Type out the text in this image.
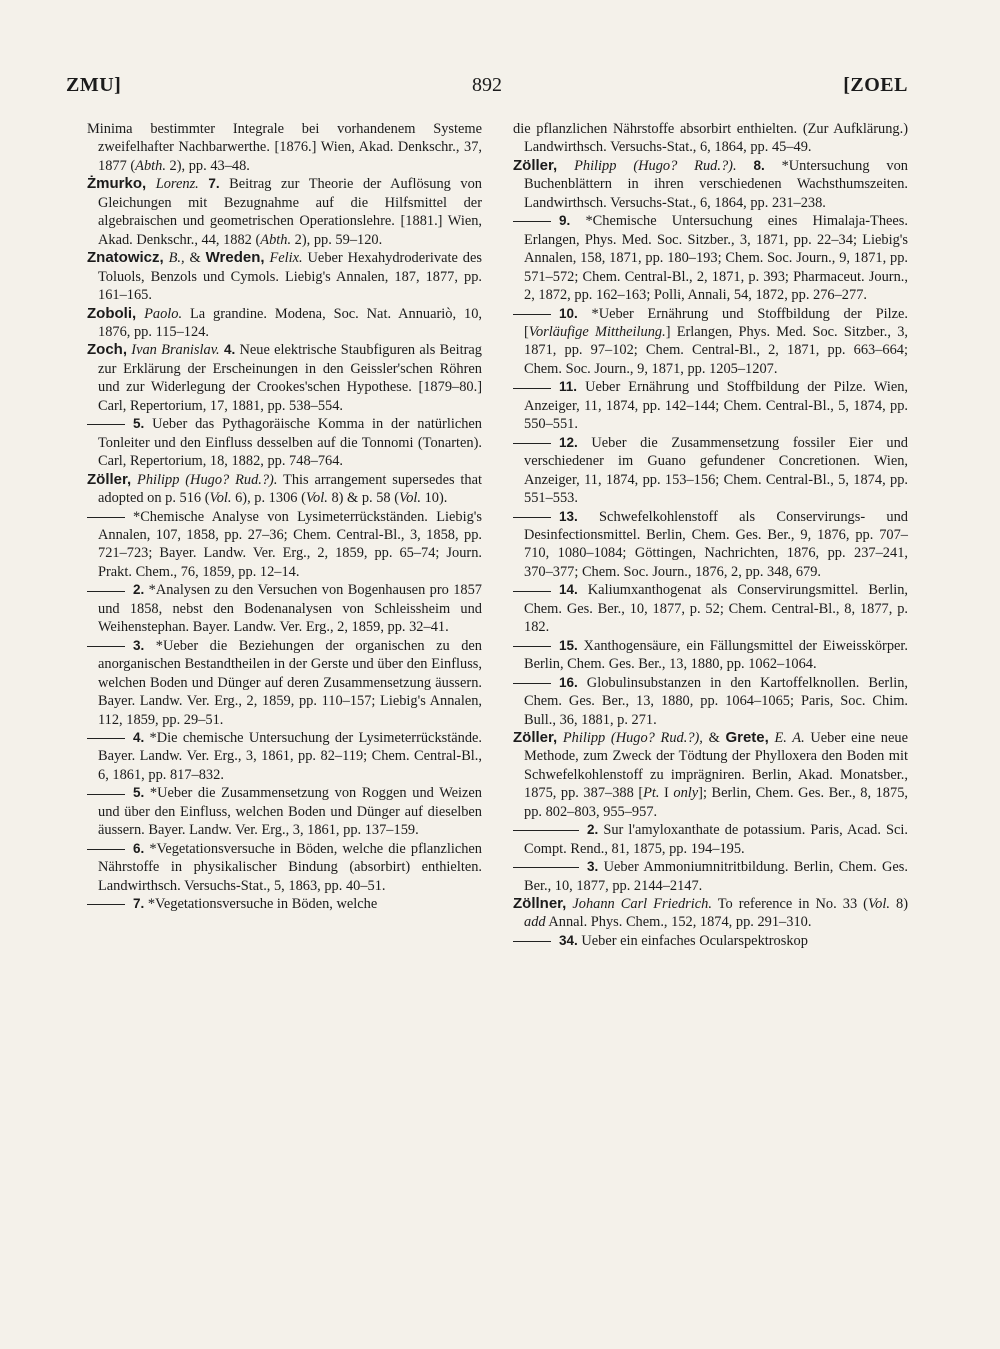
ZMU]	892	[ZOEL

Minima bestimmter Integrale bei vorhandenem Systeme zweifelhafter Nachbarwerthe. [1876.] Wien, Akad. Denkschr., 37, 1877 (Abth. 2), pp. 43–48.

Żmurko, Lorenz. 7. Beitrag zur Theorie der Auflösung von Gleichungen mit Bezugnahme auf die Hilfsmittel der algebraischen und geometrischen Operationslehre. [1881.] Wien, Akad. Denkschr., 44, 1882 (Abth. 2), pp. 59–120.

Znatowicz, B., & Wreden, Felix. Ueber Hexahydroderivate des Toluols, Benzols und Cymols. Liebig's Annalen, 187, 1877, pp. 161–165.

Zoboli, Paolo. La grandine. Modena, Soc. Nat. Annuariò, 10, 1876, pp. 115–124.

Zoch, Ivan Branislav. 4. Neue elektrische Staubfiguren als Beitrag zur Erklärung der Erscheinungen in den Geissler'schen Röhren und zur Widerlegung der Crookes'schen Hypothese. [1879–80.] Carl, Repertorium, 17, 1881, pp. 538–554.

5. Ueber das Pythagoräische Komma in der natürlichen Tonleiter und den Einfluss desselben auf die Tonnomi (Tonarten). Carl, Repertorium, 18, 1882, pp. 748–764.

Zöller, Philipp (Hugo? Rud.?). This arrangement supersedes that adopted on p. 516 (Vol. 6), p. 1306 (Vol. 8) & p. 58 (Vol. 10).

*Chemische Analyse von Lysimeterrückständen. Liebig's Annalen, 107, 1858, pp. 27–36; Chem. Central-Bl., 3, 1858, pp. 721–723; Bayer. Landw. Ver. Erg., 2, 1859, pp. 65–74; Journ. Prakt. Chem., 76, 1859, pp. 12–14.

2. *Analysen zu den Versuchen von Bogenhausen pro 1857 und 1858, nebst den Bodenanalysen von Schleissheim und Weihenstephan. Bayer. Landw. Ver. Erg., 2, 1859, pp. 32–41.

3. *Ueber die Beziehungen der organischen zu den anorganischen Bestandtheilen in der Gerste und über den Einfluss, welchen Boden und Dünger auf deren Zusammensetzung äussern. Bayer. Landw. Ver. Erg., 2, 1859, pp. 110–157; Liebig's Annalen, 112, 1859, pp. 29–51.

4. *Die chemische Untersuchung der Lysimeterrückstände. Bayer. Landw. Ver. Erg., 3, 1861, pp. 82–119; Chem. Central-Bl., 6, 1861, pp. 817–832.

5. *Ueber die Zusammensetzung von Roggen und Weizen und über den Einfluss, welchen Boden und Dünger auf dieselben äussern. Bayer. Landw. Ver. Erg., 3, 1861, pp. 137–159.

6. *Vegetationsversuche in Böden, welche die pflanzlichen Nährstoffe in physikalischer Bindung (absorbirt) enthielten. Landwirthsch. Versuchs-Stat., 5, 1863, pp. 40–51.

7. *Vegetationsversuche in Böden, welche

die pflanzlichen Nährstoffe absorbirt enthielten. (Zur Aufklärung.) Landwirthsch. Versuchs-Stat., 6, 1864, pp. 45–49.

Zöller, Philipp (Hugo? Rud.?). 8. *Untersuchung von Buchenblättern in ihren verschiedenen Wachsthumszeiten. Landwirthsch. Versuchs-Stat., 6, 1864, pp. 231–238.

9. *Chemische Untersuchung eines Himalaja-Thees. Erlangen, Phys. Med. Soc. Sitzber., 3, 1871, pp. 22–34; Liebig's Annalen, 158, 1871, pp. 180–193; Chem. Soc. Journ., 9, 1871, pp. 571–572; Chem. Central-Bl., 2, 1871, p. 393; Pharmaceut. Journ., 2, 1872, pp. 162–163; Polli, Annali, 54, 1872, pp. 276–277.

10. *Ueber Ernährung und Stoffbildung der Pilze. [Vorläufige Mittheilung.] Erlangen, Phys. Med. Soc. Sitzber., 3, 1871, pp. 97–102; Chem. Central-Bl., 2, 1871, pp. 663–664; Chem. Soc. Journ., 9, 1871, pp. 1205–1207.

11. Ueber Ernährung und Stoffbildung der Pilze. Wien, Anzeiger, 11, 1874, pp. 142–144; Chem. Central-Bl., 5, 1874, pp. 550–551.

12. Ueber die Zusammensetzung fossiler Eier und verschiedener im Guano gefundener Concretionen. Wien, Anzeiger, 11, 1874, pp. 153–156; Chem. Central-Bl., 5, 1874, pp. 551–553.

13. Schwefelkohlenstoff als Conservirungs- und Desinfectionsmittel. Berlin, Chem. Ges. Ber., 9, 1876, pp. 707–710, 1080–1084; Göttingen, Nachrichten, 1876, pp. 237–241, 370–377; Chem. Soc. Journ., 1876, 2, pp. 348, 679.

14. Kaliumxanthogenat als Conservirungsmittel. Berlin, Chem. Ges. Ber., 10, 1877, p. 52; Chem. Central-Bl., 8, 1877, p. 182.

15. Xanthogensäure, ein Fällungsmittel der Eiweisskörper. Berlin, Chem. Ges. Ber., 13, 1880, pp. 1062–1064.

16. Globulinsubstanzen in den Kartoffelknollen. Berlin, Chem. Ges. Ber., 13, 1880, pp. 1064–1065; Paris, Soc. Chim. Bull., 36, 1881, p. 271.

Zöller, Philipp (Hugo? Rud.?), & Grete, E. A. Ueber eine neue Methode, zum Zweck der Tödtung der Phylloxera den Boden mit Schwefelkohlenstoff zu imprägniren. Berlin, Akad. Monatsber., 1875, pp. 387–388 [Pt. I only]; Berlin, Chem. Ges. Ber., 8, 1875, pp. 802–803, 955–957.

2. Sur l'amyloxanthate de potassium. Paris, Acad. Sci. Compt. Rend., 81, 1875, pp. 194–195.

3. Ueber Ammoniumnitritbildung. Berlin, Chem. Ges. Ber., 10, 1877, pp. 2144–2147.

Zöllner, Johann Carl Friedrich. To reference in No. 33 (Vol. 8) add Annal. Phys. Chem., 152, 1874, pp. 291–310.

34. Ueber ein einfaches Ocularspektroskop
